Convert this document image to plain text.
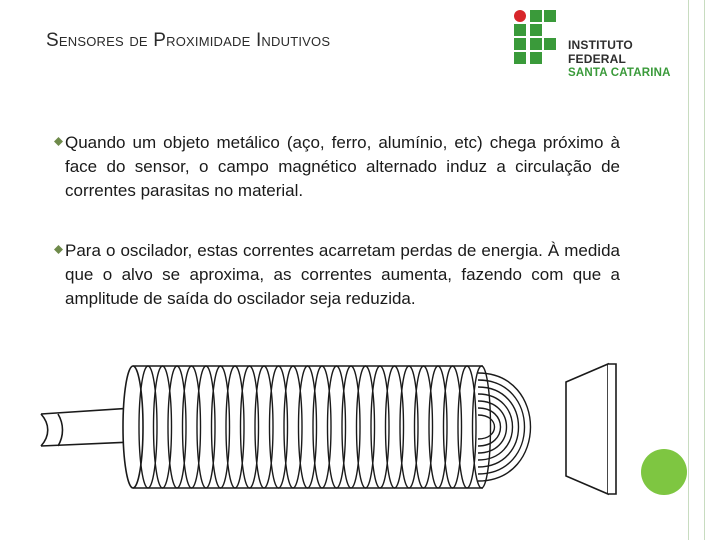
Sensores de Proximidade Indutivos	INSTITUTO FEDERAL
SANTA CATARINA
Quando um objeto metálico (aço, ferro, alumínio, etc) chega próximo à face do sensor, o campo magnético alternado induz a circulação de correntes parasitas no material.
Para o oscilador, estas correntes acarretam perdas de energia. À medida que o alvo se aproxima, as correntes aumenta, fazendo com que a amplitude de saída do oscilador seja reduzida.
